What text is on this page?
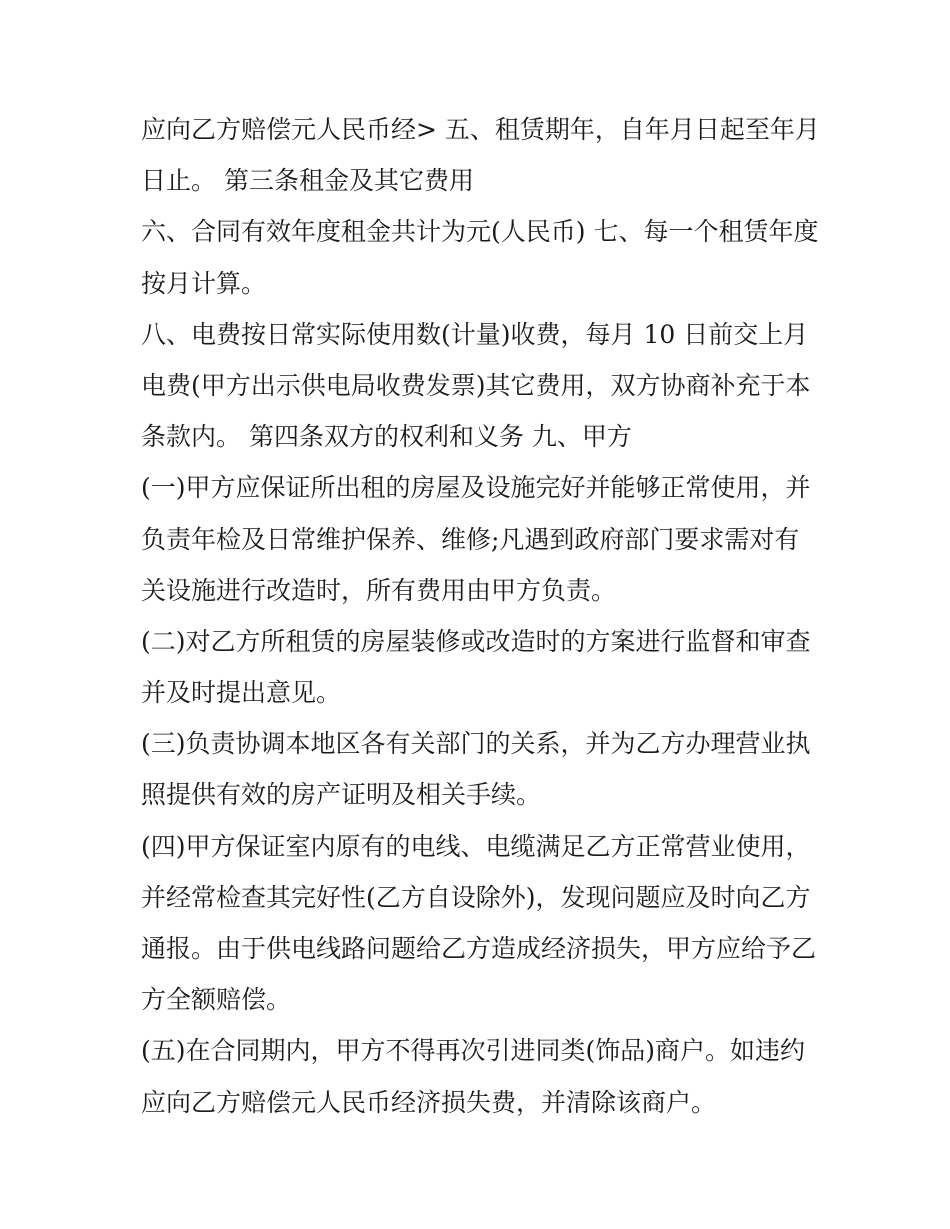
应向乙方赔偿元人民币经> 五、租赁期年，自年月日起至年月
日止。 第三条租金及其它费用
六、合同有效年度租金共计为元(人民币) 七、每一个租赁年度
按月计算。
八、电费按日常实际使用数(计量)收费，每月 10 日前交上月
电费(甲方出示供电局收费发票)其它费用，双方协商补充于本
条款内。 第四条双方的权利和义务 九、甲方
(一)甲方应保证所出租的房屋及设施完好并能够正常使用，并
负责年检及日常维护保养、维修;凡遇到政府部门要求需对有
关设施进行改造时，所有费用由甲方负责。
(二)对乙方所租赁的房屋装修或改造时的方案进行监督和审查
并及时提出意见。
(三)负责协调本地区各有关部门的关系，并为乙方办理营业执
照提供有效的房产证明及相关手续。
(四)甲方保证室内原有的电线、电缆满足乙方正常营业使用，
并经常检查其完好性(乙方自设除外)，发现问题应及时向乙方
通报。由于供电线路问题给乙方造成经济损失，甲方应给予乙
方全额赔偿。
(五)在合同期内，甲方不得再次引进同类(饰品)商户。如违约
应向乙方赔偿元人民币经济损失费，并清除该商户。
